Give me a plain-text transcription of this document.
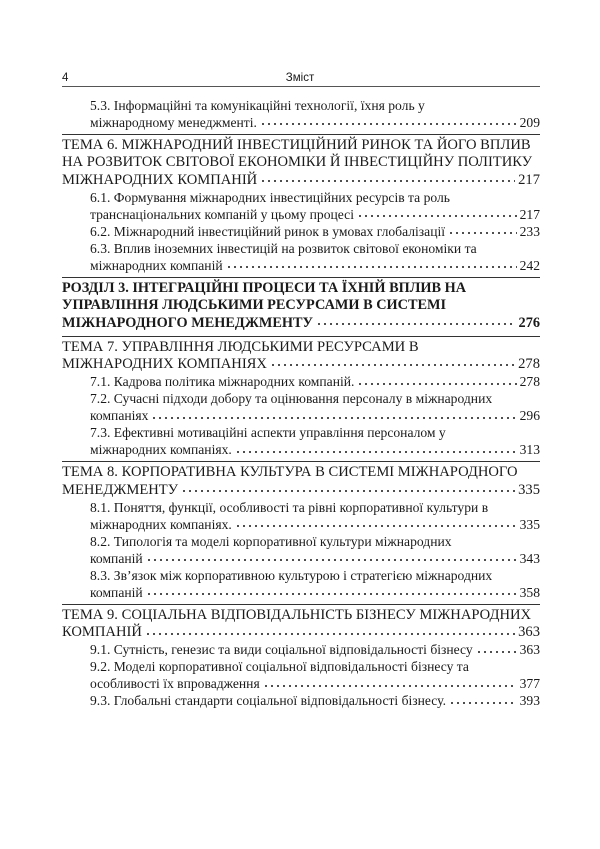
4	Зміст
5.3. Інформаційні та комунікаційні технології, їхня роль у
міжнародному менеджменті.	209
ТЕМА 6. МІЖНАРОДНИЙ ІНВЕСТИЦІЙНИЙ РИНОК ТА ЙОГО ВПЛИВ
НА РОЗВИТОК СВІТОВОЇ ЕКОНОМІКИ Й ІНВЕСТИЦІЙНУ ПОЛІТИКУ
МІЖНАРОДНИХ КОМПАНІЙ	217
6.1. Формування міжнародних інвестиційних ресурсів та роль
транснаціональних компаній у цьому процесі	217
6.2. Міжнародний інвестиційний ринок в умовах глобалізації	233
6.3. Вплив іноземних інвестицій на розвиток світової економіки та
міжнародних компаній	242
РОЗДІЛ 3. ІНТЕГРАЦІЙНІ ПРОЦЕСИ ТА ЇХНІЙ ВПЛИВ НА
УПРАВЛІННЯ ЛЮДСЬКИМИ РЕСУРСАМИ В СИСТЕМІ
МІЖНАРОДНОГО МЕНЕДЖМЕНТУ	276
ТЕМА 7. УПРАВЛІННЯ ЛЮДСЬКИМИ РЕСУРСАМИ В
МІЖНАРОДНИХ КОМПАНІЯХ	278
7.1. Кадрова політика міжнародних компаній.	278
7.2. Сучасні підходи добору та оцінювання персоналу в міжнародних
компаніях	296
7.3. Ефективні мотиваційні аспекти управління персоналом у
міжнародних компаніях.	313
ТЕМА 8. КОРПОРАТИВНА КУЛЬТУРА В СИСТЕМІ МІЖНАРОДНОГО
МЕНЕДЖМЕНТУ	335
8.1. Поняття, функції, особливості та рівні корпоративної культури в
міжнародних компаніях.	335
8.2. Типологія та моделі корпоративної культури міжнародних
компаній	343
8.3. Зв’язок між корпоративною культурою і стратегією міжнародних
компаній	358
ТЕМА 9. СОЦІАЛЬНА ВІДПОВІДАЛЬНІСТЬ БІЗНЕСУ МІЖНАРОДНИХ
КОМПАНІЙ	363
9.1. Сутність, генезис та види соціальної відповідальності бізнесу	363
9.2. Моделі корпоративної соціальної відповідальності бізнесу та
особливості їх впровадження	377
9.3. Глобальні стандарти соціальної відповідальності бізнесу.	393
